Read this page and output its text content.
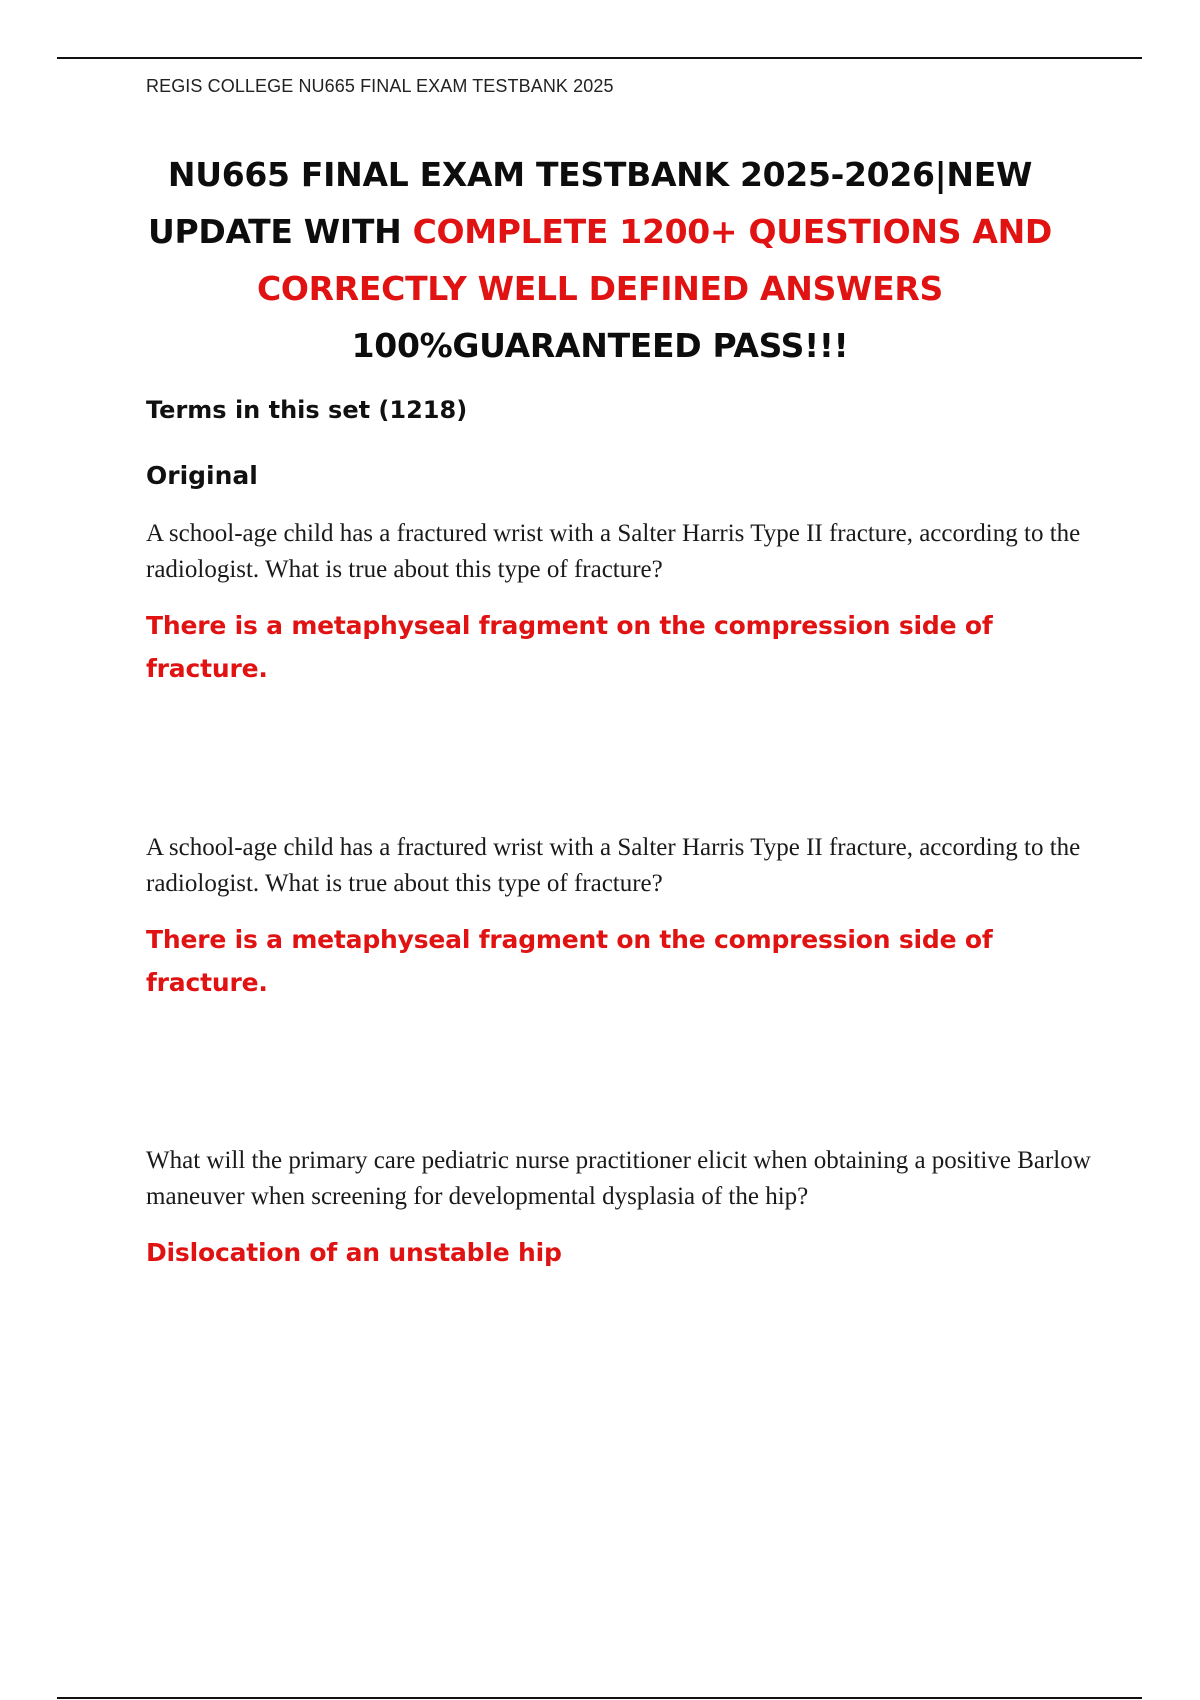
REGIS COLLEGE NU665 FINAL EXAM TESTBANK 2025
NU665 FINAL EXAM TESTBANK 2025-2026|NEW
UPDATE WITH COMPLETE 1200+ QUESTIONS AND
CORRECTLY WELL DEFINED ANSWERS
100%GUARANTEED PASS!!!
Terms in this set (1218)
Original

A school-age child has a fractured wrist with a Salter Harris Type II fracture, according to the radiologist. What is true about this type of fracture?

There is a metaphyseal fragment on the compression side of fracture.

A school-age child has a fractured wrist with a Salter Harris Type II fracture, according to the radiologist. What is true about this type of fracture?

There is a metaphyseal fragment on the compression side of fracture.

What will the primary care pediatric nurse practitioner elicit when obtaining a positive Barlow maneuver when screening for developmental dysplasia of the hip?

Dislocation of an unstable hip
